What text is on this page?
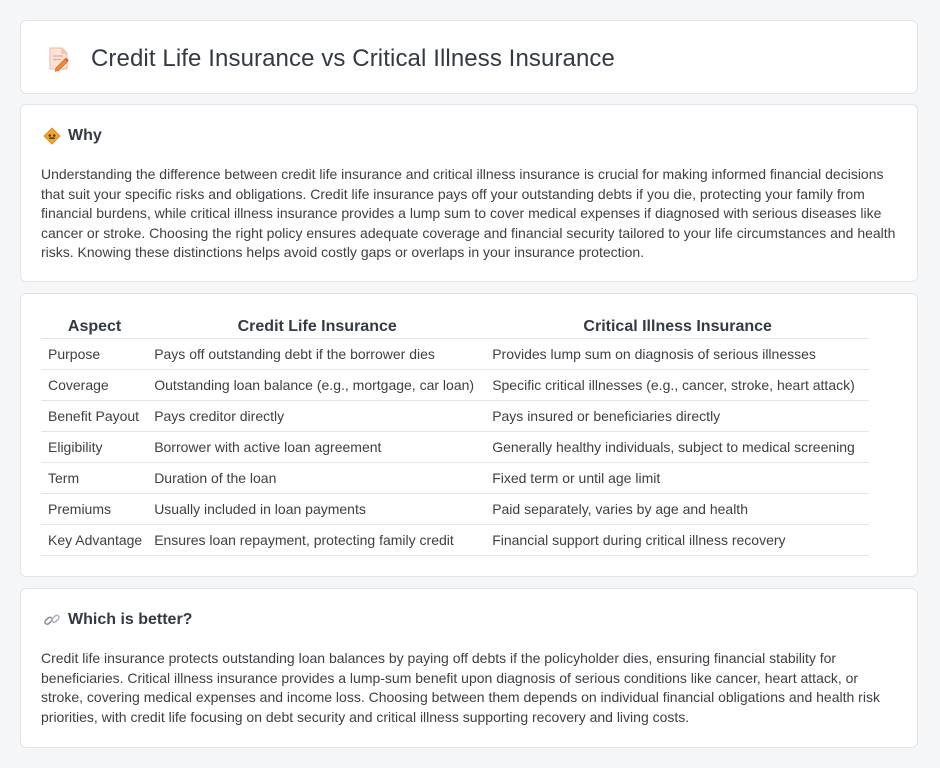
Credit Life Insurance vs Critical Illness Insurance
Why

Understanding the difference between credit life insurance and critical illness insurance is crucial for making informed financial decisions that suit your specific risks and obligations. Credit life insurance pays off your outstanding debts if you die, protecting your family from financial burdens, while critical illness insurance provides a lump sum to cover medical expenses if diagnosed with serious diseases like cancer or stroke. Choosing the right policy ensures adequate coverage and financial security tailored to your life circumstances and health risks. Knowing these distinctions helps avoid costly gaps or overlaps in your insurance protection.

Aspect	Credit Life Insurance	Critical Illness Insurance
Purpose	Pays off outstanding debt if the borrower dies	Provides lump sum on diagnosis of serious illnesses
Coverage	Outstanding loan balance (e.g., mortgage, car loan)	Specific critical illnesses (e.g., cancer, stroke, heart attack)
Benefit Payout	Pays creditor directly	Pays insured or beneficiaries directly
Eligibility	Borrower with active loan agreement	Generally healthy individuals, subject to medical screening
Term	Duration of the loan	Fixed term or until age limit
Premiums	Usually included in loan payments	Paid separately, varies by age and health
Key Advantage	Ensures loan repayment, protecting family credit	Financial support during critical illness recovery
Which is better?

Credit life insurance protects outstanding loan balances by paying off debts if the policyholder dies, ensuring financial stability for beneficiaries. Critical illness insurance provides a lump-sum benefit upon diagnosis of serious conditions like cancer, heart attack, or stroke, covering medical expenses and income loss. Choosing between them depends on individual financial obligations and health risk priorities, with credit life focusing on debt security and critical illness supporting recovery and living costs.
